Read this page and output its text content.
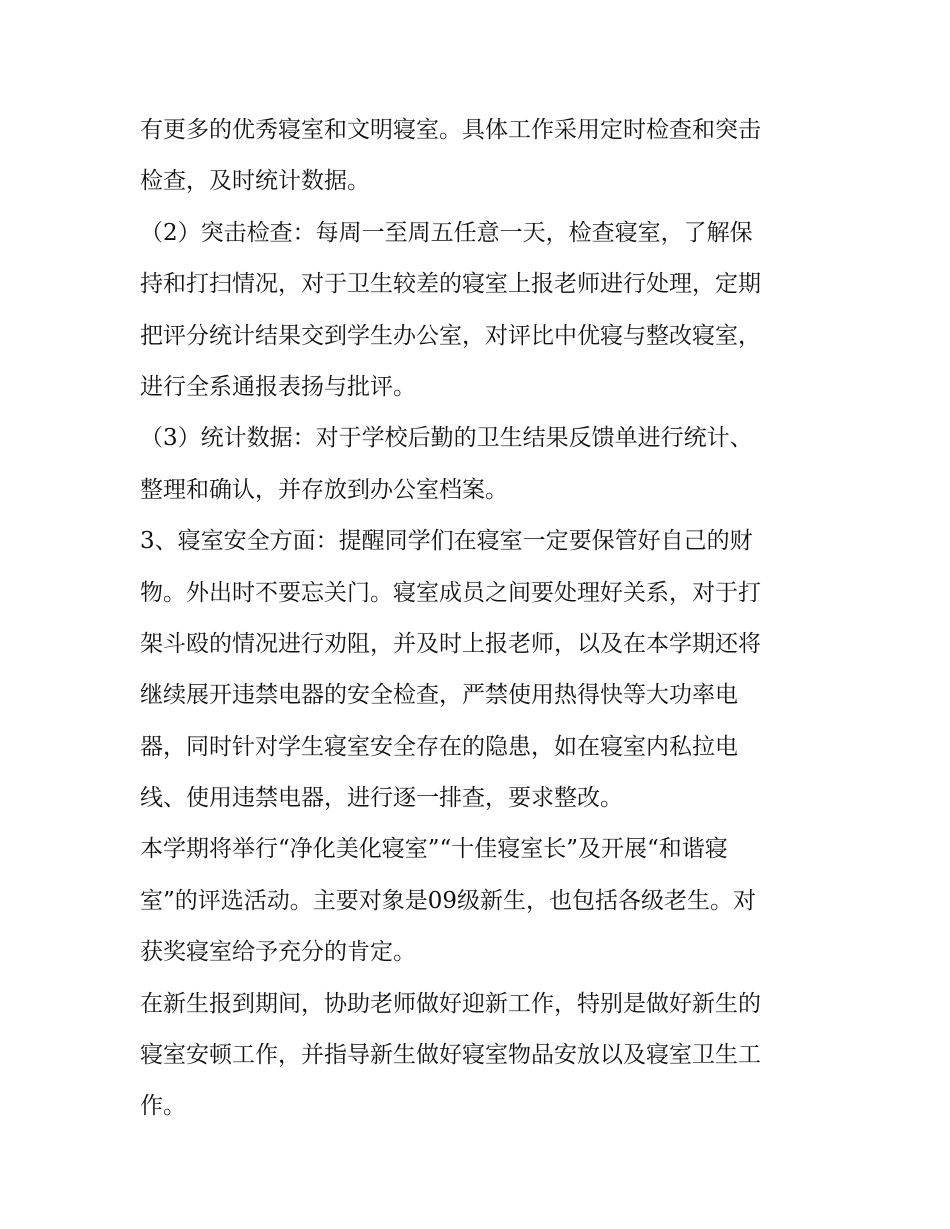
有更多的优秀寝室和文明寝室。具体工作采用定时检查和突击
检查，及时统计数据。
（2）突击检查：每周一至周五任意一天，检查寝室，了解保
持和打扫情况，对于卫生较差的寝室上报老师进行处理，定期
把评分统计结果交到学生办公室，对评比中优寝与整改寝室，
进行全系通报表扬与批评。
（3）统计数据：对于学校后勤的卫生结果反馈单进行统计、
整理和确认，并存放到办公室档案。
3、寝室安全方面：提醒同学们在寝室一定要保管好自己的财
物。外出时不要忘关门。寝室成员之间要处理好关系，对于打
架斗殴的情况进行劝阻，并及时上报老师，以及在本学期还将
继续展开违禁电器的安全检查，严禁使用热得快等大功率电
器，同时针对学生寝室安全存在的隐患，如在寝室内私拉电
线、使用违禁电器，进行逐一排查，要求整改。
本学期将举行“净化美化寝室”“十佳寝室长”及开展“和谐寝
室”的评选活动。主要对象是09级新生，也包括各级老生。对
获奖寝室给予充分的肯定。
在新生报到期间，协助老师做好迎新工作，特别是做好新生的
寝室安顿工作，并指导新生做好寝室物品安放以及寝室卫生工
作。
